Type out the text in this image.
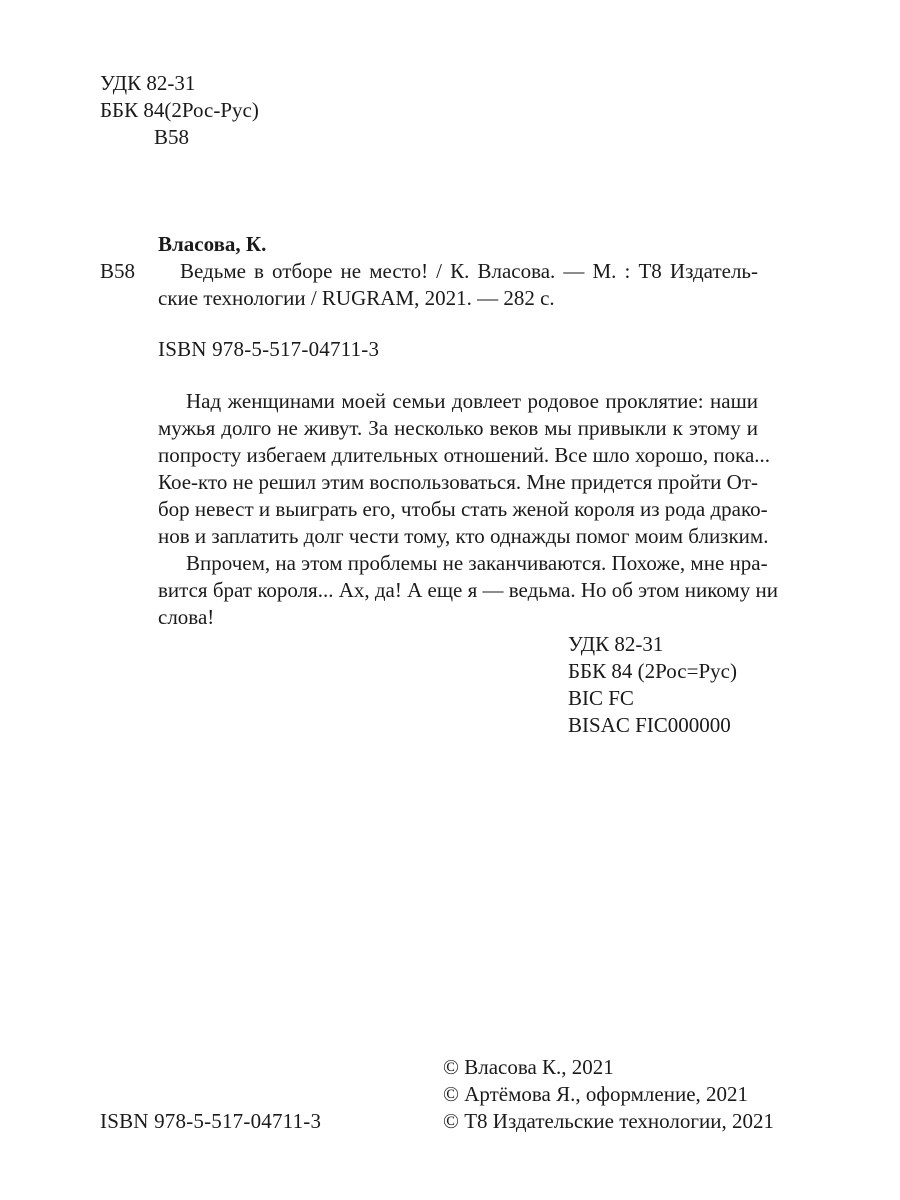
УДК 82-31
ББК 84(2Рос-Рус)
В58
Власова, К.
В58	Ведьме в отборе не место! / К. Власова. — М. : Т8 Издатель-
ские технологии / RUGRAM, 2021. — 282 с.
ISBN 978-5-517-04711-3
Над женщинами моей семьи довлеет родовое проклятие: наши
мужья долго не живут. За несколько веков мы привыкли к этому и
попросту избегаем длительных отношений. Все шло хорошо, пока...
Кое-кто не решил этим воспользоваться. Мне придется пройти От-
бор невест и выиграть его, чтобы стать женой короля из рода драко-
нов и заплатить долг чести тому, кто однажды помог моим близким.
Впрочем, на этом проблемы не заканчиваются. Похоже, мне нра-
вится брат короля... Ах, да! А еще я — ведьма. Но об этом никому ни
слова!
УДК 82-31
ББК 84 (2Рос=Рус)
BIC FC
BISAC FIC000000
© Власова К., 2021
© Артёмова Я., оформление, 2021
© Т8 Издательские технологии, 2021
ISBN 978-5-517-04711-3
